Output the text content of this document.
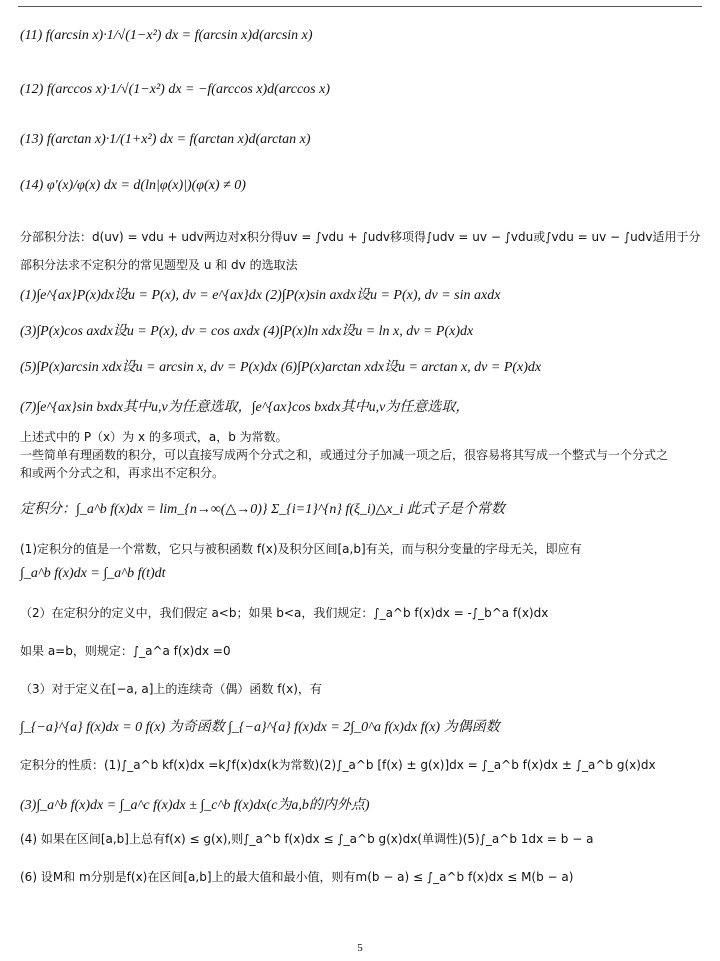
(11) f(arcsin x)·1/√(1−x²) dx = f(arcsin x)d(arcsin x)
(12) f(arccos x)·1/√(1−x²) dx = −f(arccos x)d(arccos x)
(13) f(arctan x)·1/(1+x²) dx = f(arctan x)d(arctan x)
(14) φ'(x)/φ(x) dx = d(ln|φ(x)|)(φ(x) ≠ 0)
分部积分法：d(uv) = vdu + udv两边对x积分得uv = ∫vdu + ∫udv移项得∫udv = uv − ∫vdu或∫vdu = uv − ∫udv适用于分
部积分法求不定积分的常见题型及 u 和 dv 的选取法
(1)∫e^{ax}P(x)dx设u = P(x), dv = e^{ax}dx (2)∫P(x)sin axdx设u = P(x), dv = sin axdx
(3)∫P(x)cos axdx设u = P(x), dv = cos axdx (4)∫P(x)ln xdx设u = ln x, dv = P(x)dx
(5)∫P(x)arcsin xdx设u = arcsin x, dv = P(x)dx (6)∫P(x)arctan xdx设u = arctan x, dv = P(x)dx
(7)∫e^{ax}sin bxdx其中u,v为任意选取，∫e^{ax}cos bxdx其中u,v为任意选取，
上述式中的 P（x）为 x 的多项式，a，b 为常数。
一些简单有理函数的积分，可以直接写成两个分式之和，或通过分子加减一项之后，很容易将其写成一个整式与一个分式之
和或两个分式之和，再求出不定积分。
定积分：∫_a^b f(x)dx = lim_{n→∞(△→0)} Σ_{i=1}^{n} f(ξ_i)△x_i 此式子是个常数
(1)定积分的值是一个常数，它只与被积函数 f(x)及积分区间[a,b]有关，而与积分变量的字母无关，即应有
∫_a^b f(x)dx = ∫_a^b f(t)dt
（2）在定积分的定义中，我们假定 a<b；如果 b<a，我们规定：∫_a^b f(x)dx = -∫_b^a f(x)dx
如果 a=b，则规定：∫_a^a f(x)dx =0
（3）对于定义在[−a, a]上的连续奇（偶）函数 f(x)，有
∫_{−a}^{a} f(x)dx = 0 f(x) 为奇函数 ∫_{−a}^{a} f(x)dx = 2∫_0^a f(x)dx f(x) 为偶函数
定积分的性质：(1)∫_a^b kf(x)dx =k∫f(x)dx(k为常数)(2)∫_a^b [f(x) ± g(x)]dx = ∫_a^b f(x)dx ± ∫_a^b g(x)dx
(3)∫_a^b f(x)dx = ∫_a^c f(x)dx ± ∫_c^b f(x)dx(c为a,b的内外点)
(4) 如果在区间[a,b]上总有f(x) ≤ g(x),则∫_a^b f(x)dx ≤ ∫_a^b g(x)dx(单调性)(5)∫_a^b 1dx = b − a
(6) 设M和 m分别是f(x)在区间[a,b]上的最大值和最小值，则有m(b − a) ≤ ∫_a^b f(x)dx ≤ M(b − a)
5
